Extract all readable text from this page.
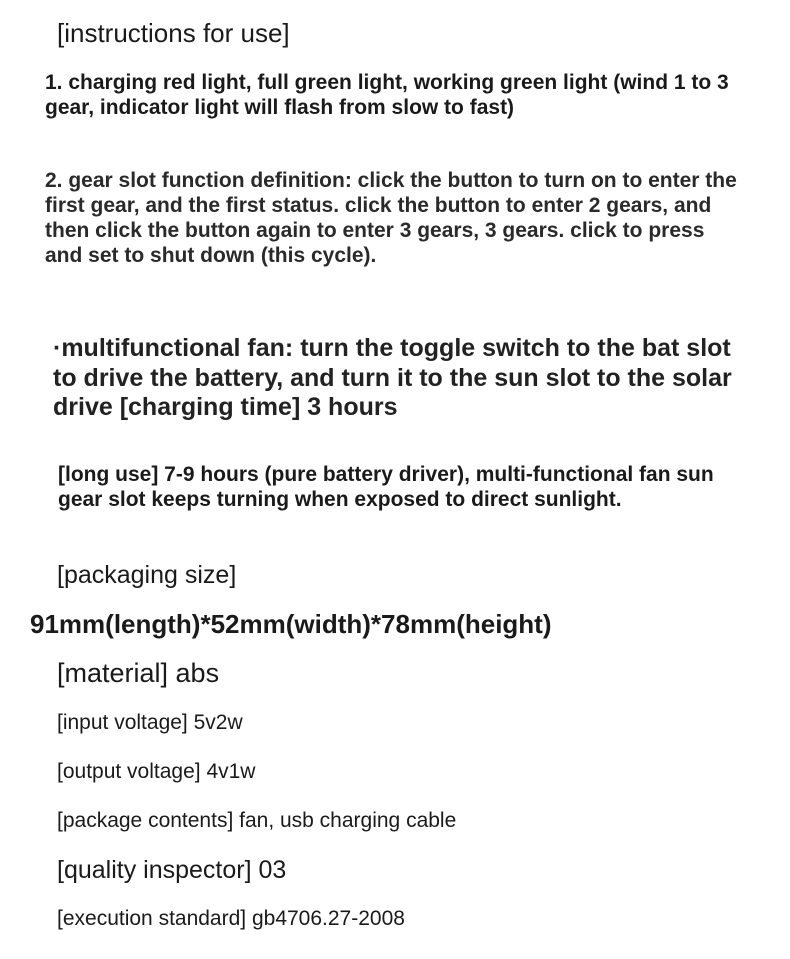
[instructions for use]

1. charging red light, full green light, working green light (wind 1 to 3 gear, indicator light will flash from slow to fast)

2. gear slot function definition: click the button to turn on to enter the first gear, and the first status. click the button to enter 2 gears, and then click the button again to enter 3 gears, 3 gears. click to press and set to shut down (this cycle).

·multifunctional fan: turn the toggle switch to the bat slot to drive the battery, and turn it to the sun slot to the solar drive [charging time] 3 hours

[long use] 7-9 hours (pure battery driver), multi-functional fan sun gear slot keeps turning when exposed to direct sunlight.

[packaging size]

91mm(length)*52mm(width)*78mm(height)

[material] abs

[input voltage] 5v2w

[output voltage] 4v1w

[package contents] fan, usb charging cable

[quality inspector] 03

[execution standard] gb4706.27-2008
